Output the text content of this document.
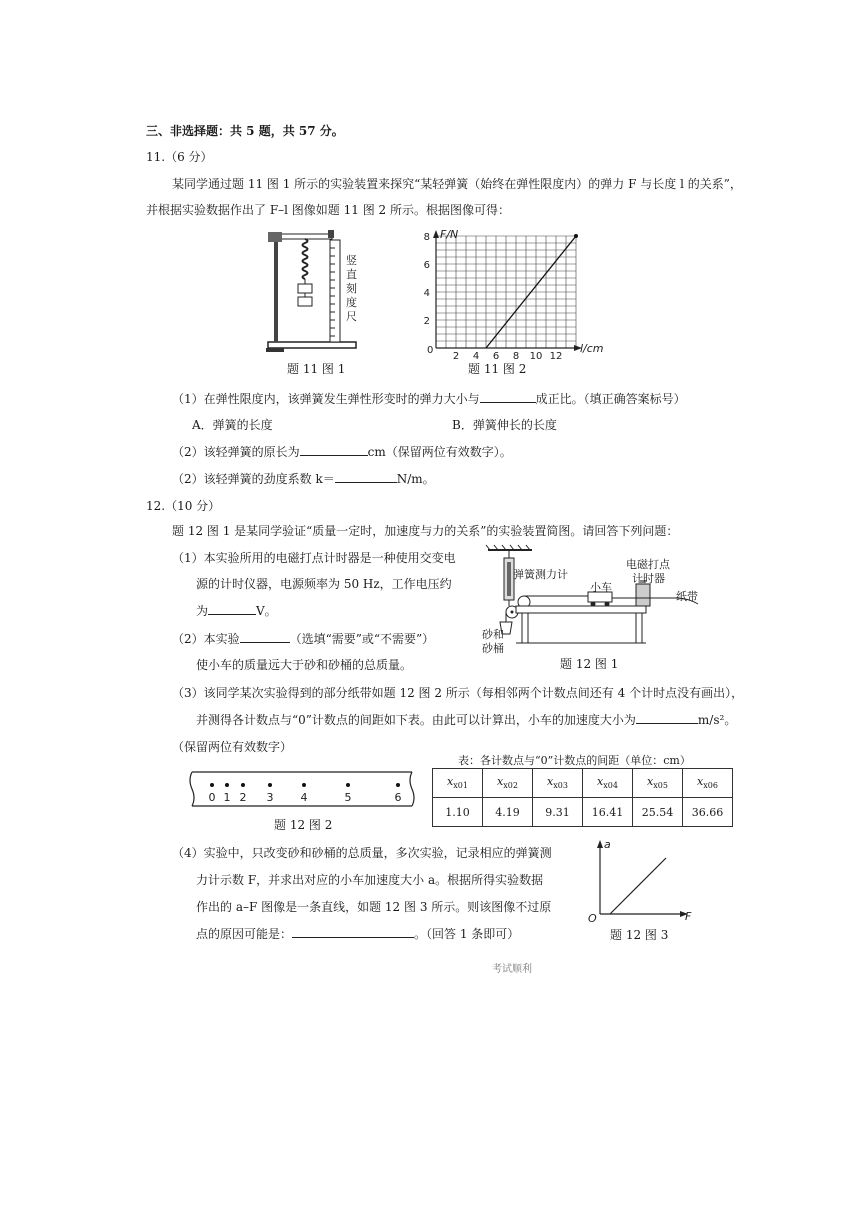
三、非选择题：共 5 题，共 57 分。
11.（6 分）
某同学通过题 11 图 1 所示的实验装置来探究“某轻弹簧（始终在弹性限度内）的弹力 F 与长度 l 的关系”，
并根据实验数据作出了 F–l 图像如题 11 图 2 所示。根据图像可得：
竖
直
刻
度
尺
题 11 图 1
2 4 6 8 10 12
2
4
6
8 F/N
l/cm
0
题 11 图 2
（1）在弹性限度内，该弹簧发生弹性形变时的弹力大小与	成正比。（填正确答案标号）
A．弹簧的长度	B．弹簧伸长的长度
（2）该轻弹簧的原长为	cm（保留两位有效数字）。
（2）该轻弹簧的劲度系数 k＝	N/m。
12.（10 分）
题 12 图 1 是某同学验证“质量一定时，加速度与力的关系”的实验装置简图。请回答下列问题：
（1）本实验所用的电磁打点计时器是一种使用交变电
源的计时仪器，电源频率为 50 Hz，工作电压约
为	V。
（2）本实验	（选填“需要”或“不需要”）
使小车的质量远大于砂和砂桶的总质量。
弹簧测力计
电磁打点
计时器
小车
纸带
砂和
砂桶
题 12 图 1
（3）该同学某次实验得到的部分纸带如题 12 图 2 所示（每相邻两个计数点间还有 4 个计时点没有画出），
并测得各计数点与“0”计数点的间距如下表。由此可以计算出，小车的加速度大小为	m/s²。
（保留两位有效数字）
0 1 2 3 4	5	6
题 12 图 2
表：各计数点与“0”计数点的间距（单位：cm）
$x_{x01}$	$x_{x02}$	$x_{x03}$	$x_{x04}$	$x_{x05}$	$x_{x06}$
1.10	4.19	9.31	16.41	25.54	36.66
（4）实验中，只改变砂和砂桶的总质量，多次实验，记录相应的弹簧测
力计示数 F，并求出对应的小车加速度大小 a。根据所得实验数据
作出的 a–F 图像是一条直线，如题 12 图 3 所示。则该图像不过原
点的原因可能是：	。（回答 1 条即可）
a
O	F
题 12 图 3
考试顺利
